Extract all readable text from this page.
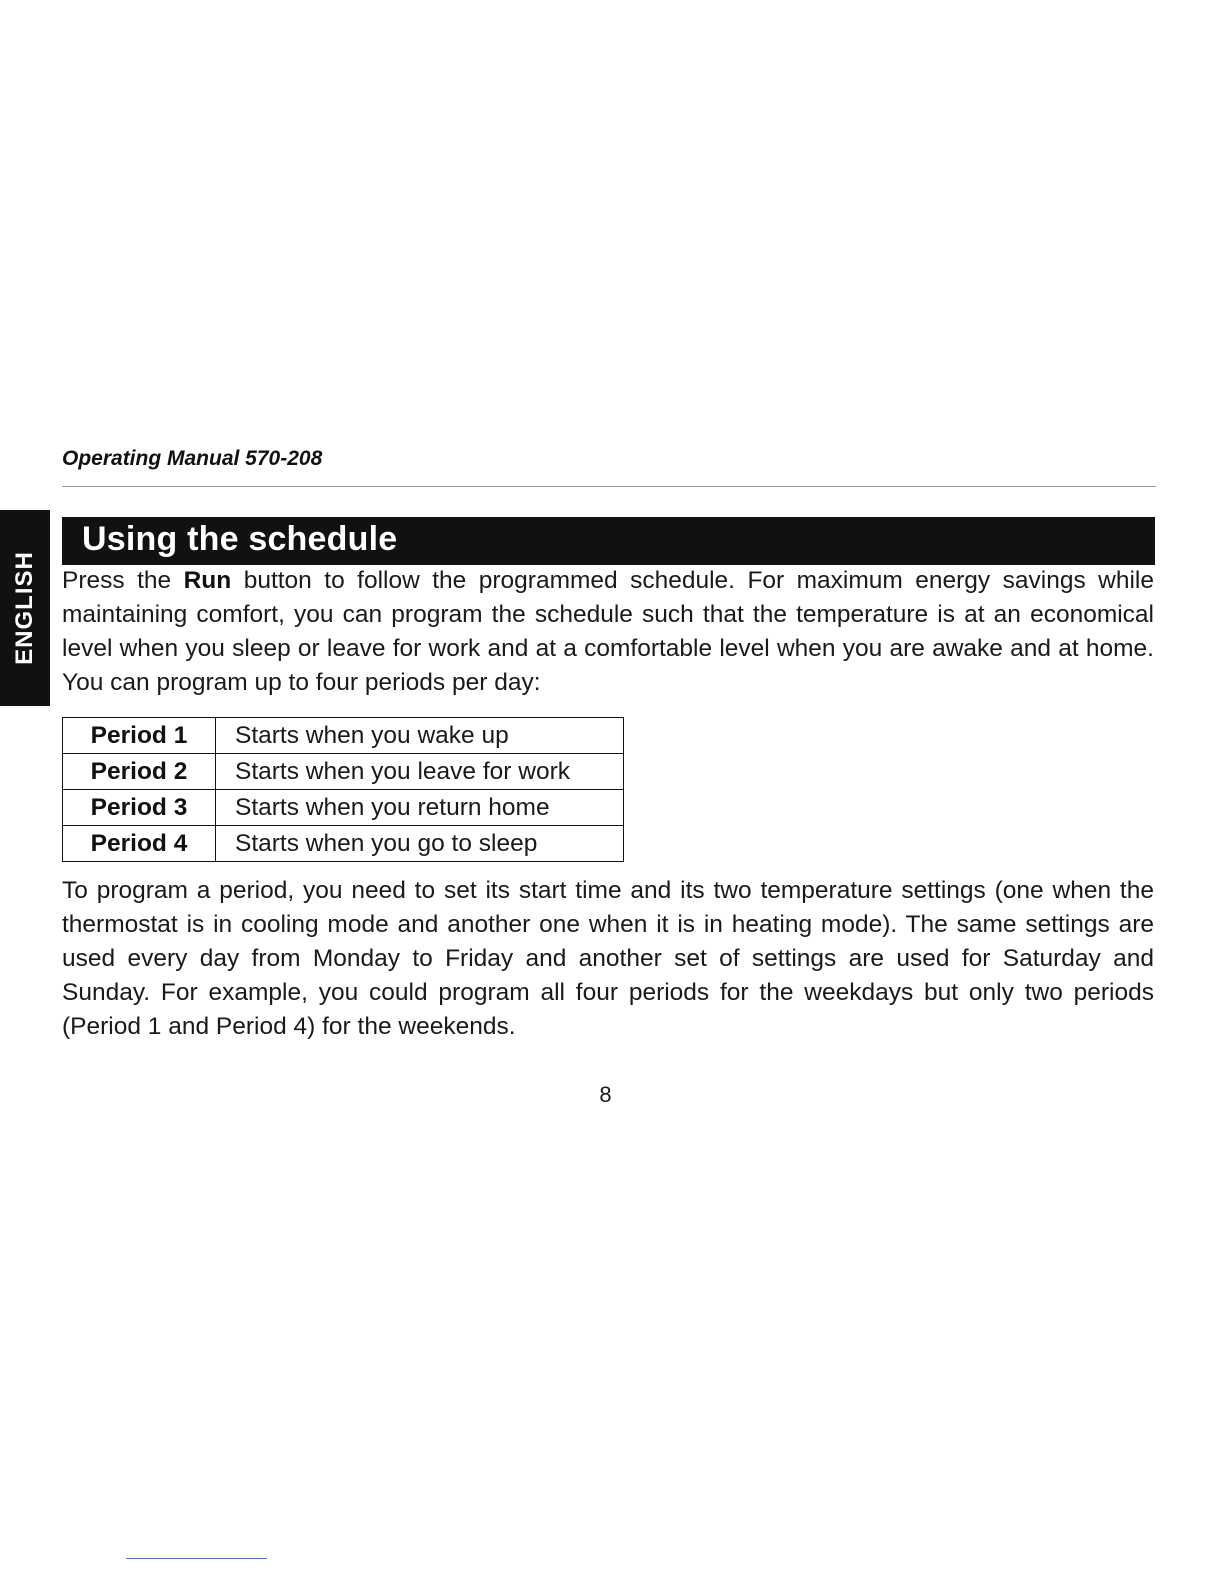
Operating Manual 570-208

ENGLISH
Using the schedule

Press the Run button to follow the programmed schedule. For maximum energy savings while maintaining comfort, you can program the schedule such that the temperature is at an economical level when you sleep or leave for work and at a comfortable level when you are awake and at home. You can program up to four periods per day:

Period 1	Starts when you wake up
Period 2	Starts when you leave for work
Period 3	Starts when you return home
Period 4	Starts when you go to sleep

To program a period, you need to set its start time and its two temperature settings (one when the thermostat is in cooling mode and another one when it is in heating mode). The same settings are used every day from Monday to Friday and another set of settings are used for Saturday and Sunday. For example, you could program all four periods for the weekdays but only two periods (Period 1 and Period 4) for the weekends.

8
